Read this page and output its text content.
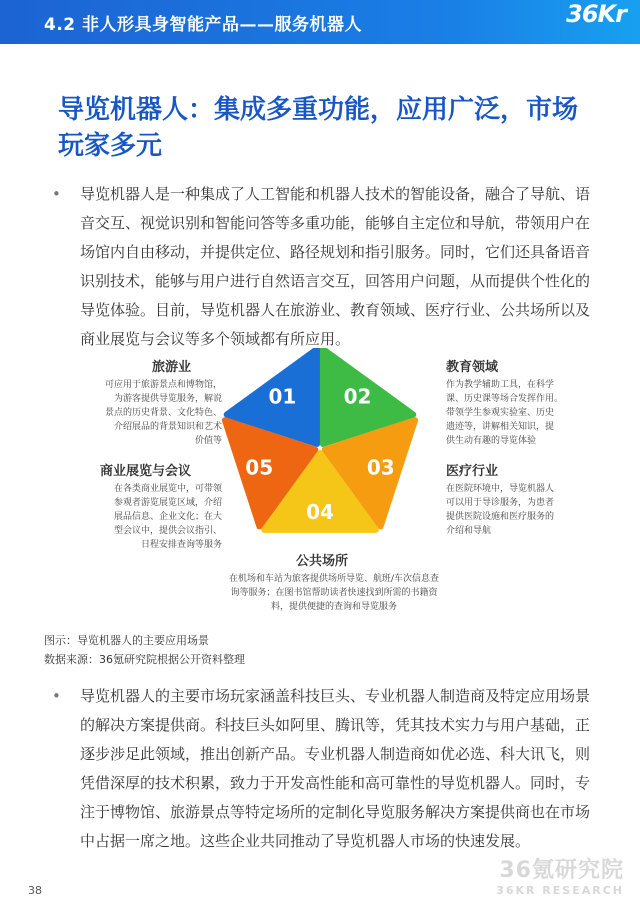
4.2 非人形具身智能产品——服务机器人	36Kr
导览机器人：集成多重功能，应用广泛，市场玩家多元
•	导览机器人是一种集成了人工智能和机器人技术的智能设备，融合了导航、语音交互、视觉识别和智能问答等多重功能，能够自主定位和导航，带领用户在场馆内自由移动，并提供定位、路径规划和指引服务。同时，它们还具备语音识别技术，能够与用户进行自然语言交互，回答用户问题，从而提供个性化的导览体验。目前，导览机器人在旅游业、教育领域、医疗行业、公共场所以及商业展览与会议等多个领域都有所应用。
01 02
03
04
05
旅游业
可应用于旅游景点和博物馆，
为游客提供导览服务，解说
景点的历史背景、文化特色、
介绍展品的背景知识和艺术
价值等
教育领域
作为教学辅助工具，在科学
课、历史课等场合发挥作用。
带领学生参观实验室、历史
遗迹等，讲解相关知识，提
供生动有趣的导览体验
医疗行业
在医院环境中，导览机器人
可以用于导诊服务，为患者
提供医院设施和医疗服务的
介绍和导航
商业展览与会议
在各类商业展览中，可带领
参观者游览展览区域，介绍
展品信息、企业文化；在大
型会议中，提供会议指引、
日程安排查询等服务
公共场所
在机场和车站为旅客提供场所导览、航班/车次信息查
询等服务；在图书馆帮助读者快速找到所需的书籍资
料，提供便捷的查询和导览服务
图示：导览机器人的主要应用场景
数据来源：36氪研究院根据公开资料整理
•	导览机器人的主要市场玩家涵盖科技巨头、专业机器人制造商及特定应用场景的解决方案提供商。科技巨头如阿里、腾讯等，凭其技术实力与用户基础，正逐步涉足此领域，推出创新产品。专业机器人制造商如优必选、科大讯飞，则凭借深厚的技术积累，致力于开发高性能和高可靠性的导览机器人。同时，专注于博物馆、旅游景点等特定场所的定制化导览服务解决方案提供商也在市场中占据一席之地。这些企业共同推动了导览机器人市场的快速发展。
36氪研究院
36KR RESEARCH
38
